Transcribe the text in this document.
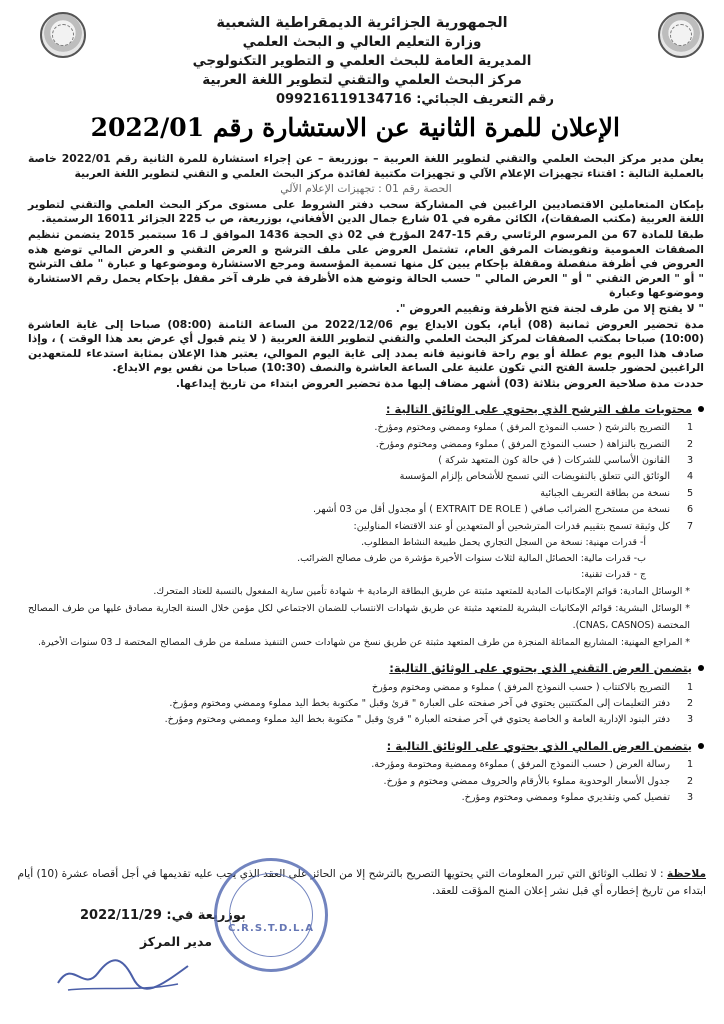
الجمهورية الجزائرية الديمقراطية الشعبية
وزارة التعليم العالي و البحث العلمي
المديرية العامة للبحث العلمي و التطوير التكنولوجي
مركز البحث العلمي والتقني لتطوير اللغة العربية
رقم التعريف الجبائي: 099216119134716
الإعلان للمرة الثانية عن الاستشارة رقم 2022/01

يعلن مدير مركز البحث العلمي والتقني لتطوير اللغة العربية – بوزريعة – عن إجراء استشارة للمرة الثانية رقم 2022/01 خاصة بالعملية التالية : اقتناء تجهيزات الإعلام الآلي و تجهيزات مكتبية لفائدة مركز البحث العلمي و التقني لتطوير اللغة العربية

الحصة رقم 01 : تجهيزات الإعلام الآلي

بإمكان المتعاملين الاقتصاديين الراغبين في المشاركة سحب دفتر الشروط على مستوى مركز البحث العلمي والتقني لتطوير اللغة العربية (مكتب الصفقات)، الكائن مقره في 01 شارع جمال الدين الأفغاني، بوزريعة، ص ب 225 الجزائر 16011 الرستمية.

طبقا للمادة 67 من المرسوم الرئاسي رقم 15-247 المؤرخ في 02 ذي الحجة 1436 الموافق لـ 16 سبتمبر 2015 يتضمن تنظيم الصفقات العمومية وتفويضات المرفق العام، تشتمل العروض على ملف الترشح و العرض التقني و العرض المالي توضع هذه العروض في أظرفة منفصلة ومقفلة بإحكام يبين كل منها تسمية المؤسسة ومرجع الاستشارة وموضوعها و عبارة " ملف الترشح " أو " العرض التقني " أو " العرض المالي " حسب الحالة وتوضع هذه الأظرفة في ظرف آخر مقفل بإحكام يحمل رقم الاستشارة وموضوعها وعبارة

" لا يفتح إلا من طرف لجنة فتح الأظرفة وتقييم العروض ".

مدة تحضير العروض ثمانية (08) أيام، يكون الايداع يوم 2022/12/06 من الساعة الثامنة (08:00) صباحا إلى غاية العاشرة (10:00) صباحا بمكتب الصفقات لمركز البحث العلمي والتقني لتطوير اللغة العربية ( لا يتم قبول أي عرض بعد هذا الوقت ) ، وإذا صادف هذا اليوم يوم عطلة أو يوم راحة قانونية فانه يمدد إلى غاية اليوم الموالي، يعتبر هذا الإعلان بمثابة استدعاء للمتعهدين الراغبين لحضور جلسة الفتح التي تكون علنية على الساعة العاشرة والنصف (10:30) صباحا من نفس يوم الايداع.

حددت مدة صلاحية العروض بثلاثة (03) أشهر مضاف إليها مدة تحضير العروض ابتداء من تاريخ إيداعها.

محتويات ملف الترشح الذي يحتوي على الوثائق التالية :
1
التصريح بالترشح ( حسب النموذج المرفق ) مملوء وممضي ومختوم ومؤرخ.
2
التصريح بالنزاهة ( حسب النموذج المرفق ) مملوء وممضي ومختوم ومؤرخ.
3
القانون الأساسي للشركات ( في حالة كون المتعهد شركة )
4
الوثائق التي تتعلق بالتفويضات التي تسمح للأشخاص بإلزام المؤسسة
5
نسخة من بطاقة التعريف الجبائية
6
نسخة من مستخرج الضرائب صافي ( EXTRAIT DE ROLE ) أو مجدول أقل من 03 أشهر.
7
كل وثيقة تسمح بتقييم قدرات المترشحين أو المتعهدين أو عند الاقتضاء المناولين:
أ- قدرات مهنية: نسخة من السجل التجاري يحمل طبيعة النشاط المطلوب.
ب- قدرات مالية: الحصائل المالية لثلاث سنوات الأخيرة مؤشرة من طرف مصالح الضرائب.
ج - قدرات تقنية:
* الوسائل المادية: قوائم الإمكانيات المادية للمتعهد مثبتة عن طريق البطاقة الرمادية + شهادة تأمين سارية المفعول بالنسبة للعتاد المتحرك.
* الوسائل البشرية: قوائم الإمكانيات البشرية للمتعهد مثبتة عن طريق شهادات الانتساب للضمان الاجتماعي لكل مؤمن خلال السنة الجارية مصادق عليها من طرف المصالح المختصة (CNAS، CASNOS).
* المراجع المهنية: المشاريع المماثلة المنجزة من طرف المتعهد مثبتة عن طريق نسخ من شهادات حسن التنفيذ مسلمة من طرف المصالح المختصة لـ 03 سنوات الأخيرة.
يتضمن العرض التقني الذي يحتوي على الوثائق التالية:
1
التصريح بالاكتتاب ( حسب النموذج المرفق ) مملوء و ممضي ومختوم ومؤرخ
2
دفتر التعليمات إلى المكتتبين يحتوي في آخر صفحته على العبارة " قرئ وقبل " مكتوبة بخط اليد مملوء وممضي ومختوم ومؤرخ.
3
دفتر البنود الإدارية العامة و الخاصة يحتوي في آخر صفحته العبارة " قرئ وقبل " مكتوبة بخط اليد مملوء وممضي ومختوم ومؤرخ.
يتضمن العرض المالي الذي يحتوي على الوثائق التالية :
1
رسالة العرض ( حسب النموذج المرفق ) مملوءة وممضية ومختومة ومؤرخة.
2
جدول الأسعار الوحدوية مملوء بالأرقام والحروف ممضي ومختوم و مؤرخ.
3
تفصيل كمي وتقديري مملوء وممضي ومختوم ومؤرخ.
ملاحظة : لا تطلب الوثائق التي تبرر المعلومات التي يحتويها التصريح بالترشح إلا من الحائز على العقد الذي يجب عليه تقديمها في أجل أقصاه عشرة (10) أيام ابتداء من تاريخ إخطاره أي قبل نشر إعلان المنح المؤقت للعقد.
بوزريعة في: 2022/11/29
مدير المركز
C.R.S.T.D.L.A
